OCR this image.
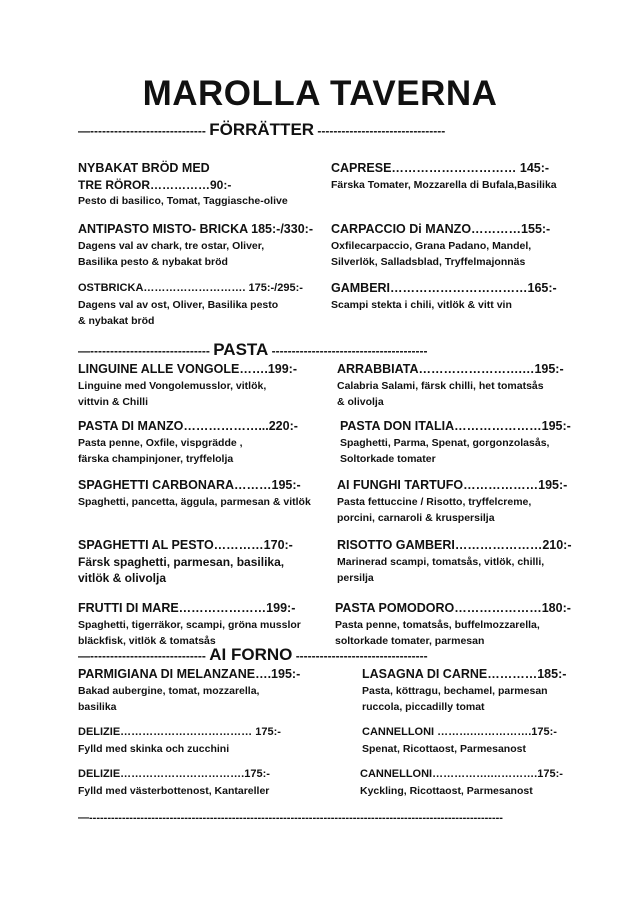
MAROLLA TAVERNA
—----------------------------- FÖRRÄTTER --------------------------------
—------------------------------ PASTA ---------------------------------------
—----------------------------- AI FORNO ---------------------------------
NYBAKAT BRÖD MED
TRE RÖROR……………90:-
Pesto di basilico, Tomat, Taggiasche-olive
CAPRESE………………………… 145:-
Färska Tomater, Mozzarella di Bufala,Basilika
ANTIPASTO MISTO- BRICKA 185:-/330:-
Dagens val av chark, tre ostar, Oliver,
Basilika pesto & nybakat bröd
CARPACCIO Di MANZO…………155:-
Oxfilecarpaccio, Grana Padano, Mandel,
Silverlök, Salladsblad, Tryffelmajonnäs
OSTBRICKA………………………. 175:-/295:-
Dagens val av ost, Oliver, Basilika pesto
& nybakat bröd
GAMBERI……………………………165:-
Scampi stekta i chili, vitlök & vitt vin
LINGUINE ALLE VONGOLE…….199:-
Linguine med Vongolemusslor, vitlök,
vittvin & Chilli
ARRABBIATA…………………….…195:-
Calabria Salami, färsk chilli, het tomatsås
& olivolja
PASTA DI MANZO………………...220:-
Pasta penne, Oxfile, vispgrädde ,
färska champinjoner, tryffelolja
PASTA DON ITALIA…………………195:-
Spaghetti, Parma, Spenat, gorgonzolasås,
Soltorkade tomater
SPAGHETTI CARBONARA………195:-
Spaghetti, pancetta, äggula, parmesan & vitlök
AI FUNGHI TARTUFO………………195:-
Pasta fettuccine / Risotto, tryffelcreme,
porcini, carnaroli & kruspersilja
SPAGHETTI AL PESTO…………170:-
Färsk spaghetti, parmesan, basilika,
vitlök & olivolja
RISOTTO GAMBERI…………………210:-
Marinerad scampi, tomatsås, vitlök, chilli,
persilja
FRUTTI DI MARE…………………199:-
Spaghetti, tigerräkor, scampi, gröna musslor
bläckfisk, vitlök & tomatsås
PASTA POMODORO…………………180:-
Pasta penne, tomatsås, buffelmozzarella,
soltorkade tomater, parmesan
PARMIGIANA DI MELANZANE….195:-
Bakad aubergine, tomat, mozzarella,
basilika
LASAGNA DI CARNE…………185:-
Pasta, köttragu, bechamel, parmesan
ruccola, piccadilly tomat
DELIZIE……………………………… 175:-
Fylld med skinka och zucchini
CANNELLONI ……….…………….175:-
Spenat, Ricottaost, Parmesanost
DELIZIE…………………………….175:-
Fylld med västerbottenost, Kantareller
CANNELLONI…………….………….175:-
Kyckling, Ricottaost, Parmesanost
—-----------------------------------------------------------------------------------------------------------------
